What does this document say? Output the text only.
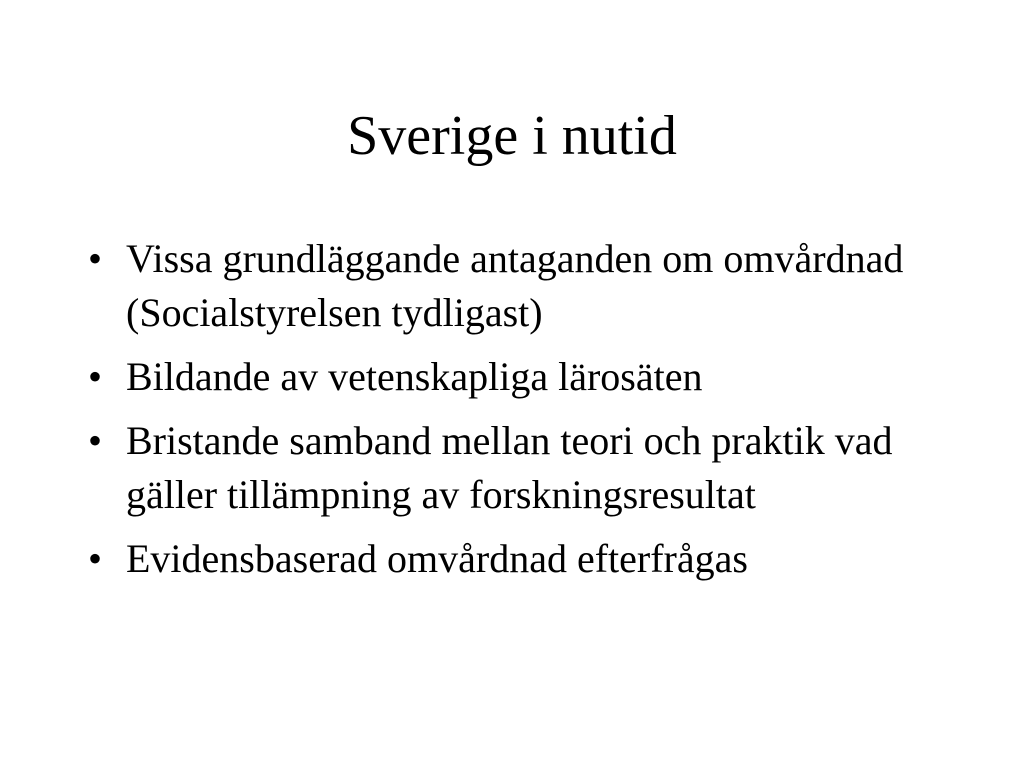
Sverige i nutid
• Vissa grundläggande antaganden om omvårdnad (Socialstyrelsen tydligast)
• Bildande av vetenskapliga lärosäten
• Bristande samband mellan teori och praktik vad gäller tillämpning av forskningsresultat
• Evidensbaserad omvårdnad efterfrågas
